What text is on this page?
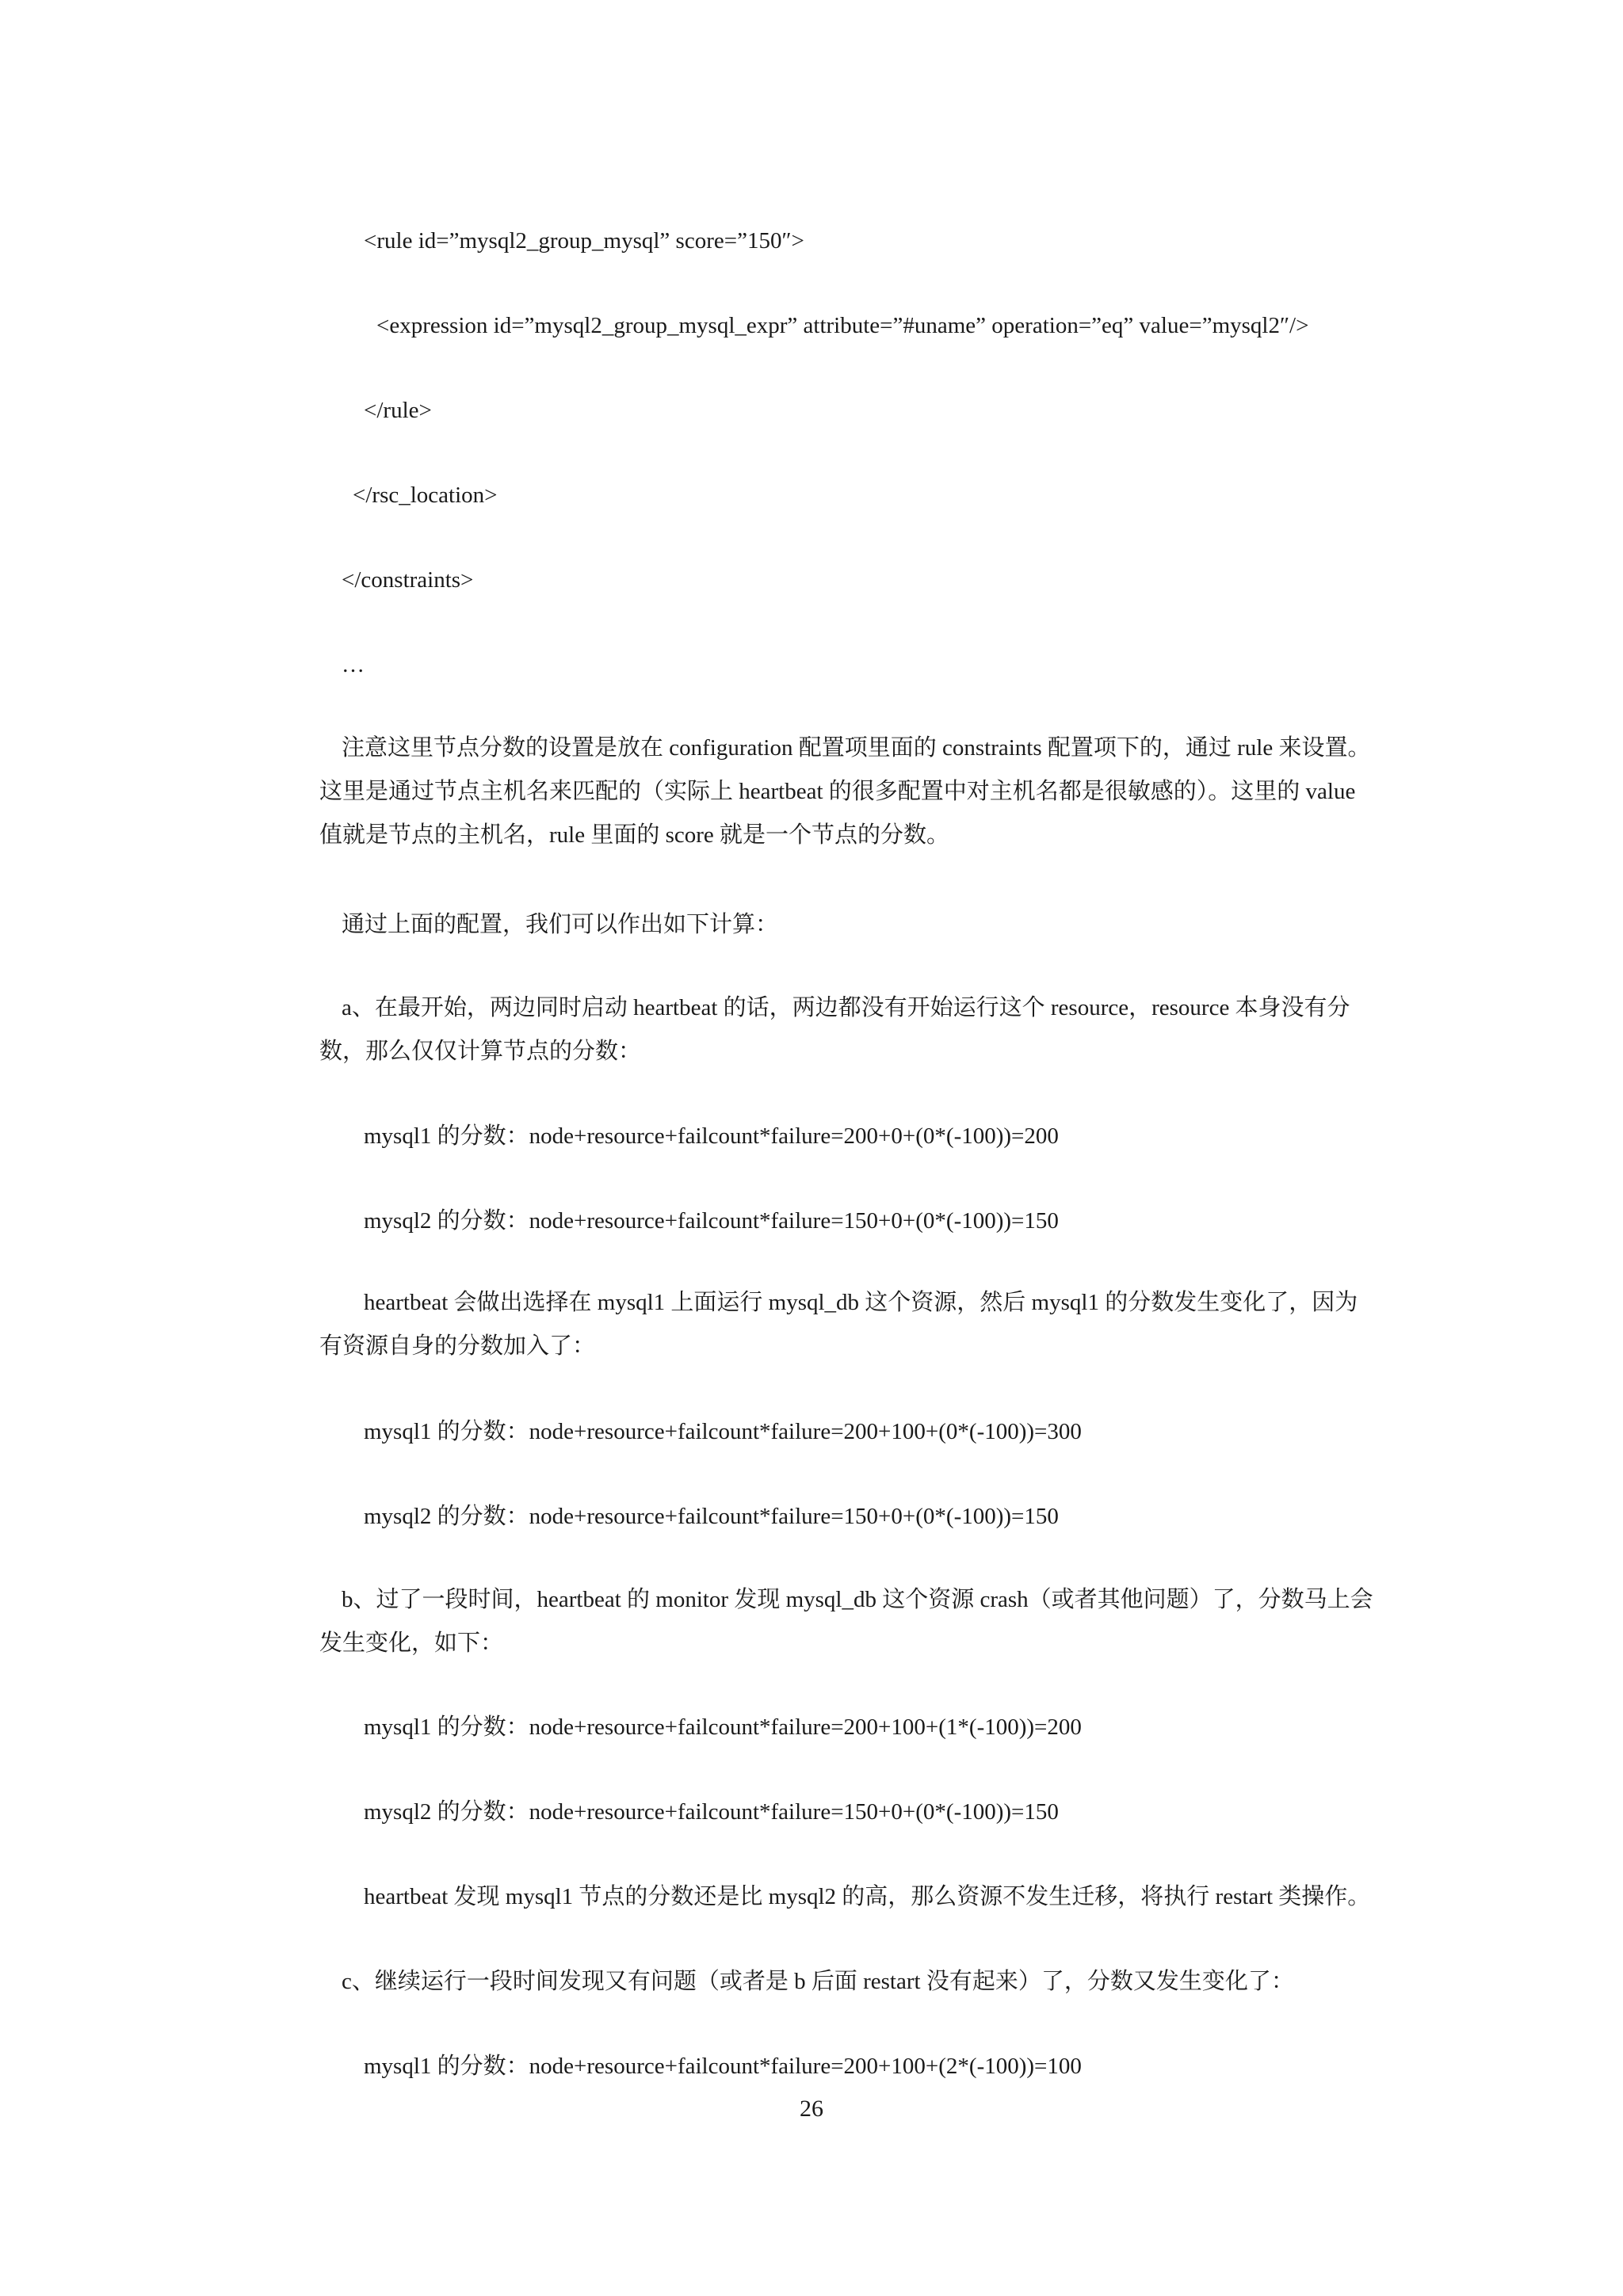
<rule id=”mysql2_group_mysql” score=”150″>
<expression id=”mysql2_group_mysql_expr” attribute=”#uname” operation=”eq” value=”mysql2″/>
</rule>
</rsc_location>
</constraints>
…
注意这里节点分数的设置是放在 configuration 配置项里面的 constraints 配置项下的，通过 rule 来设置。这里是通过节点主机名来匹配的（实际上 heartbeat 的很多配置中对主机名都是很敏感的）。这里的 value 值就是节点的主机名，rule 里面的 score 就是一个节点的分数。
通过上面的配置，我们可以作出如下计算：
a、在最开始，两边同时启动 heartbeat 的话，两边都没有开始运行这个 resource，resource 本身没有分数，那么仅仅计算节点的分数：
mysql1 的分数：node+resource+failcount*failure=200+0+(0*(-100))=200
mysql2 的分数：node+resource+failcount*failure=150+0+(0*(-100))=150
heartbeat 会做出选择在 mysql1 上面运行 mysql_db 这个资源，然后 mysql1 的分数发生变化了，因为有资源自身的分数加入了：
mysql1 的分数：node+resource+failcount*failure=200+100+(0*(-100))=300
mysql2 的分数：node+resource+failcount*failure=150+0+(0*(-100))=150
b、过了一段时间，heartbeat 的 monitor 发现 mysql_db 这个资源 crash（或者其他问题）了，分数马上会发生变化，如下：
mysql1 的分数：node+resource+failcount*failure=200+100+(1*(-100))=200
mysql2 的分数：node+resource+failcount*failure=150+0+(0*(-100))=150
heartbeat 发现 mysql1 节点的分数还是比 mysql2 的高，那么资源不发生迁移，将执行 restart 类操作。
c、继续运行一段时间发现又有问题（或者是 b 后面 restart 没有起来）了，分数又发生变化了：
mysql1 的分数：node+resource+failcount*failure=200+100+(2*(-100))=100
26
